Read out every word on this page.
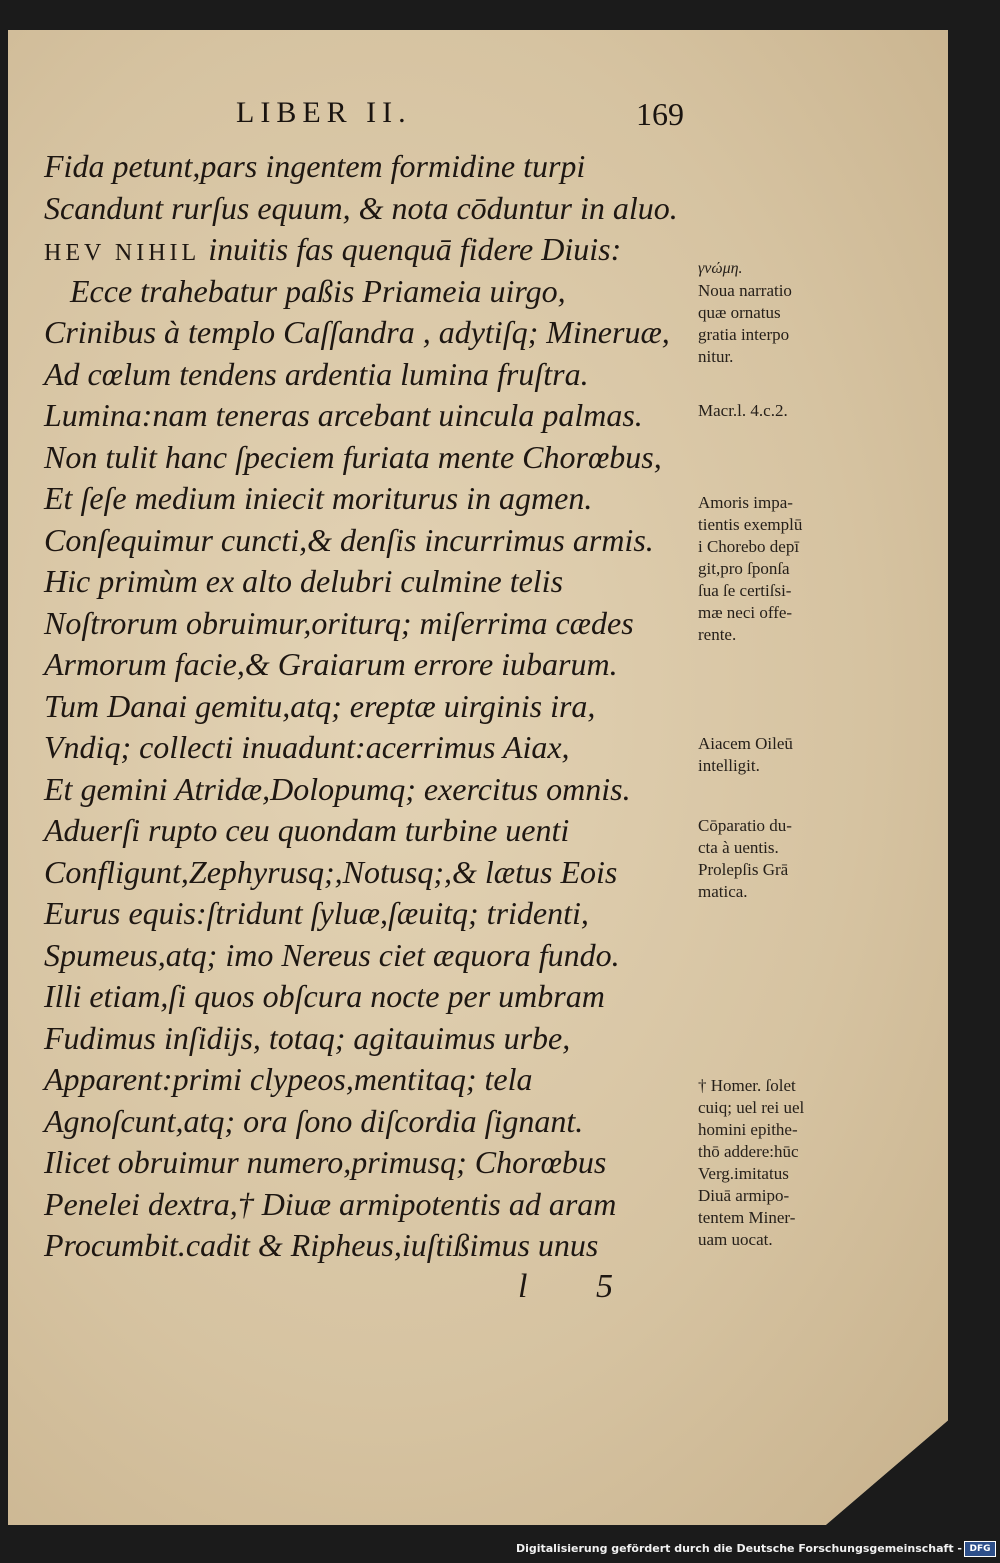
LIBER II.	169
Fida petunt,pars ingentem formidine turpi
Scandunt rurſus equum, & nota cōduntur in aluo.
HEV NIHIL inuitis fas quenquā fidere Diuis:
Ecce trahebatur paßis Priameia uirgo,
Crinibus à templo Caſſandra , adytiſq; Mineruæ,
Ad cœlum tendens ardentia lumina fruſtra.
Lumina:nam teneras arcebant uincula palmas.
Non tulit hanc ſpeciem furiata mente Chorœbus,
Et ſeſe medium iniecit moriturus in agmen.
Conſequimur cuncti,& denſis incurrimus armis.
Hic primùm ex alto delubri culmine telis
Noſtrorum obruimur,oriturq; miſerrima cædes
Armorum facie,& Graiarum errore iubarum.
Tum Danai gemitu,atq; ereptæ uirginis ira,
Vndiq; collecti inuadunt:acerrimus Aiax,
Et gemini Atridæ,Dolopumq; exercitus omnis.
Aduerſi rupto ceu quondam turbine uenti
Confligunt,Zephyrusq;,Notusq;,& lætus Eois
Eurus equis:ſtridunt ſyluæ,ſæuitq; tridenti,
Spumeus,atq; imo Nereus ciet æquora fundo.
Illi etiam,ſi quos obſcura nocte per umbram
Fudimus inſidijs, totaq; agitauimus urbe,
Apparent:primi clypeos,mentitaq; tela
Agnoſcunt,atq; ora ſono diſcordia ſignant.
Ilicet obruimur numero,primusq; Chorœbus
Penelei dextra,† Diuæ armipotentis ad aram
Procumbit.cadit & Ripheus,iuſtißimus unus

γνώμη.

Noua narratio
quæ ornatus
gratia interpo
nitur.

Macr.l. 4.c.2.

Amoris impa-
tientis exemplū
i Chorebo depī
git,pro ſponſa
ſua ſe certiſsi-
mæ neci offe-
rente.

Aiacem Oileū
intelligit.

Cōparatio du-
cta à uentis.
Prolepſis Grā
matica.

† Homer. ſolet
cuiq; uel rei uel
homini epithe-
thō addere:hūc
Verg.imitatus
Diuā armipo-
tentem Miner-
uam uocat.

l 5
Digitalisierung gefördert durch die Deutsche Forschungsgemeinschaft - DFG
